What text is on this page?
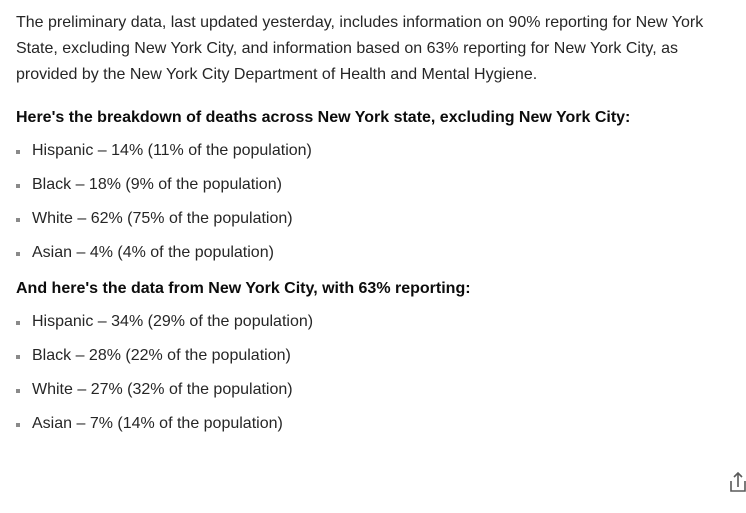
The preliminary data, last updated yesterday, includes information on 90% reporting for New York State, excluding New York City, and information based on 63% reporting for New York City, as provided by the New York City Department of Health and Mental Hygiene.

Here's the breakdown of deaths across New York state, excluding New York City:

Hispanic – 14% (11% of the population)
Black – 18% (9% of the population)
White – 62% (75% of the population)
Asian – 4% (4% of the population)

And here's the data from New York City, with 63% reporting:

Hispanic – 34% (29% of the population)
Black – 28% (22% of the population)
White – 27% (32% of the population)
Asian – 7% (14% of the population)
